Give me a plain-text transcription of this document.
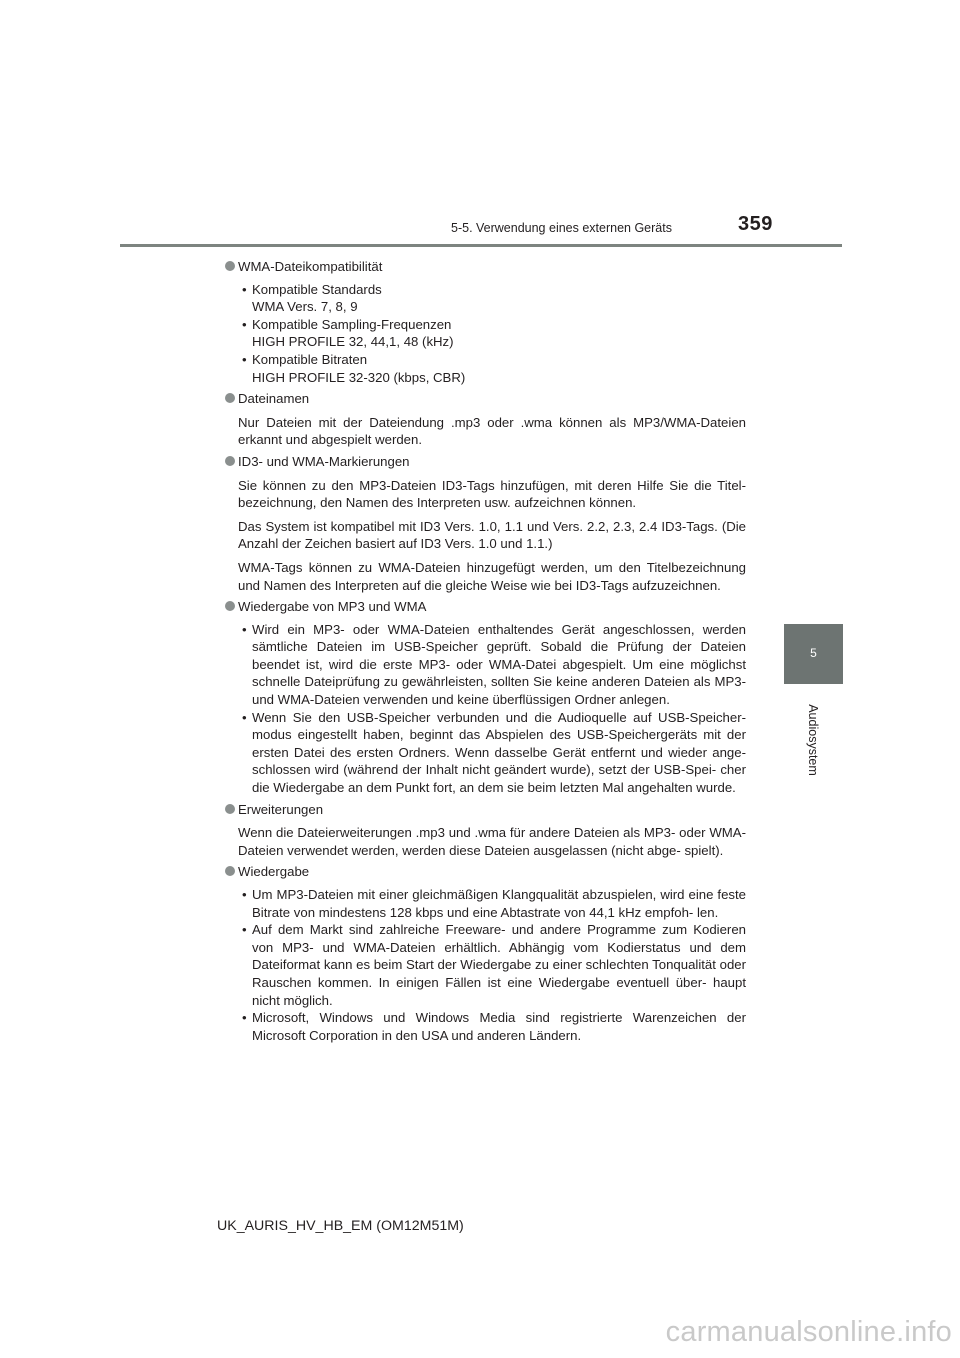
5-5. Verwendung eines externen Geräts	359
5
Audiosystem
WMA-Dateikompatibilität
• Kompatible Standards
WMA Vers. 7, 8, 9
• Kompatible Sampling-Frequenzen
HIGH PROFILE 32, 44,1, 48 (kHz)
• Kompatible Bitraten
HIGH PROFILE 32-320 (kbps, CBR)
Dateinamen
Nur Dateien mit der Dateiendung .mp3 oder .wma können als MP3/WMA-Dateien erkannt und abgespielt werden.
ID3- und WMA-Markierungen
Sie können zu den MP3-Dateien ID3-Tags hinzufügen, mit deren Hilfe Sie die Titel- bezeichnung, den Namen des Interpreten usw. aufzeichnen können.
Das System ist kompatibel mit ID3 Vers. 1.0, 1.1 und Vers. 2.2, 2.3, 2.4 ID3-Tags. (Die Anzahl der Zeichen basiert auf ID3 Vers. 1.0 und 1.1.)
WMA-Tags können zu WMA-Dateien hinzugefügt werden, um den Titelbezeichnung und Namen des Interpreten auf die gleiche Weise wie bei ID3-Tags aufzuzeichnen.
Wiedergabe von MP3 und WMA
• Wird ein MP3- oder WMA-Dateien enthaltendes Gerät angeschlossen, werden sämtliche Dateien im USB-Speicher geprüft. Sobald die Prüfung der Dateien beendet ist, wird die erste MP3- oder WMA-Datei abgespielt. Um eine möglichst schnelle Dateiprüfung zu gewährleisten, sollten Sie keine anderen Dateien als MP3- und WMA-Dateien verwenden und keine überflüssigen Ordner anlegen.
• Wenn Sie den USB-Speicher verbunden und die Audioquelle auf USB-Speicher- modus eingestellt haben, beginnt das Abspielen des USB-Speichergeräts mit der ersten Datei des ersten Ordners. Wenn dasselbe Gerät entfernt und wieder ange- schlossen wird (während der Inhalt nicht geändert wurde), setzt der USB-Spei- cher die Wiedergabe an dem Punkt fort, an dem sie beim letzten Mal angehalten wurde.
Erweiterungen
Wenn die Dateierweiterungen .mp3 und .wma für andere Dateien als MP3- oder WMA-Dateien verwendet werden, werden diese Dateien ausgelassen (nicht abge- spielt).
Wiedergabe
• Um MP3-Dateien mit einer gleichmäßigen Klangqualität abzuspielen, wird eine feste Bitrate von mindestens 128 kbps und eine Abtastrate von 44,1 kHz empfoh- len.
• Auf dem Markt sind zahlreiche Freeware- und andere Programme zum Kodieren von MP3- und WMA-Dateien erhältlich. Abhängig vom Kodierstatus und dem Dateiformat kann es beim Start der Wiedergabe zu einer schlechten Tonqualität oder Rauschen kommen. In einigen Fällen ist eine Wiedergabe eventuell über- haupt nicht möglich.
• Microsoft, Windows und Windows Media sind registrierte Warenzeichen der Microsoft Corporation in den USA und anderen Ländern.
UK_AURIS_HV_HB_EM (OM12M51M)
carmanualsonline.info
